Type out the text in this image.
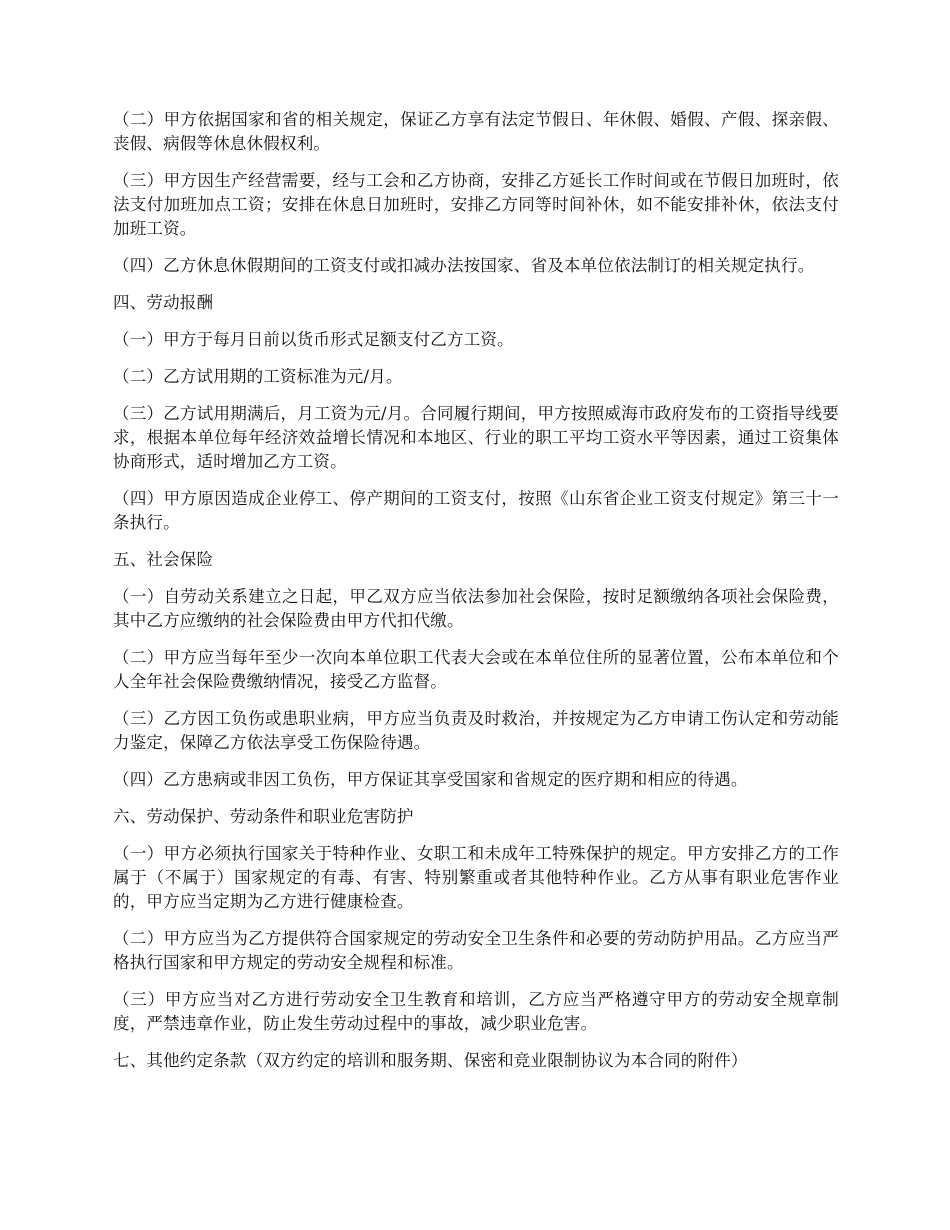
（二）甲方依据国家和省的相关规定，保证乙方享有法定节假日、年休假、婚假、产假、探亲假、丧假、病假等休息休假权利。

（三）甲方因生产经营需要，经与工会和乙方协商，安排乙方延长工作时间或在节假日加班时，依法支付加班加点工资；安排在休息日加班时，安排乙方同等时间补休，如不能安排补休，依法支付加班工资。

（四）乙方休息休假期间的工资支付或扣减办法按国家、省及本单位依法制订的相关规定执行。

四、劳动报酬

（一）甲方于每月日前以货币形式足额支付乙方工资。

（二）乙方试用期的工资标准为元/月。

（三）乙方试用期满后，月工资为元/月。合同履行期间，甲方按照威海市政府发布的工资指导线要求，根据本单位每年经济效益增长情况和本地区、行业的职工平均工资水平等因素，通过工资集体协商形式，适时增加乙方工资。

（四）甲方原因造成企业停工、停产期间的工资支付，按照《山东省企业工资支付规定》第三十一条执行。

五、社会保险

（一）自劳动关系建立之日起，甲乙双方应当依法参加社会保险，按时足额缴纳各项社会保险费，其中乙方应缴纳的社会保险费由甲方代扣代缴。

（二）甲方应当每年至少一次向本单位职工代表大会或在本单位住所的显著位置，公布本单位和个人全年社会保险费缴纳情况，接受乙方监督。

（三）乙方因工负伤或患职业病，甲方应当负责及时救治，并按规定为乙方申请工伤认定和劳动能力鉴定，保障乙方依法享受工伤保险待遇。

（四）乙方患病或非因工负伤，甲方保证其享受国家和省规定的医疗期和相应的待遇。

六、劳动保护、劳动条件和职业危害防护

（一）甲方必须执行国家关于特种作业、女职工和未成年工特殊保护的规定。甲方安排乙方的工作属于（不属于）国家规定的有毒、有害、特别繁重或者其他特种作业。乙方从事有职业危害作业的，甲方应当定期为乙方进行健康检查。

（二）甲方应当为乙方提供符合国家规定的劳动安全卫生条件和必要的劳动防护用品。乙方应当严格执行国家和甲方规定的劳动安全规程和标准。

（三）甲方应当对乙方进行劳动安全卫生教育和培训，乙方应当严格遵守甲方的劳动安全规章制度，严禁违章作业，防止发生劳动过程中的事故，减少职业危害。

七、其他约定条款（双方约定的培训和服务期、保密和竞业限制协议为本合同的附件）
